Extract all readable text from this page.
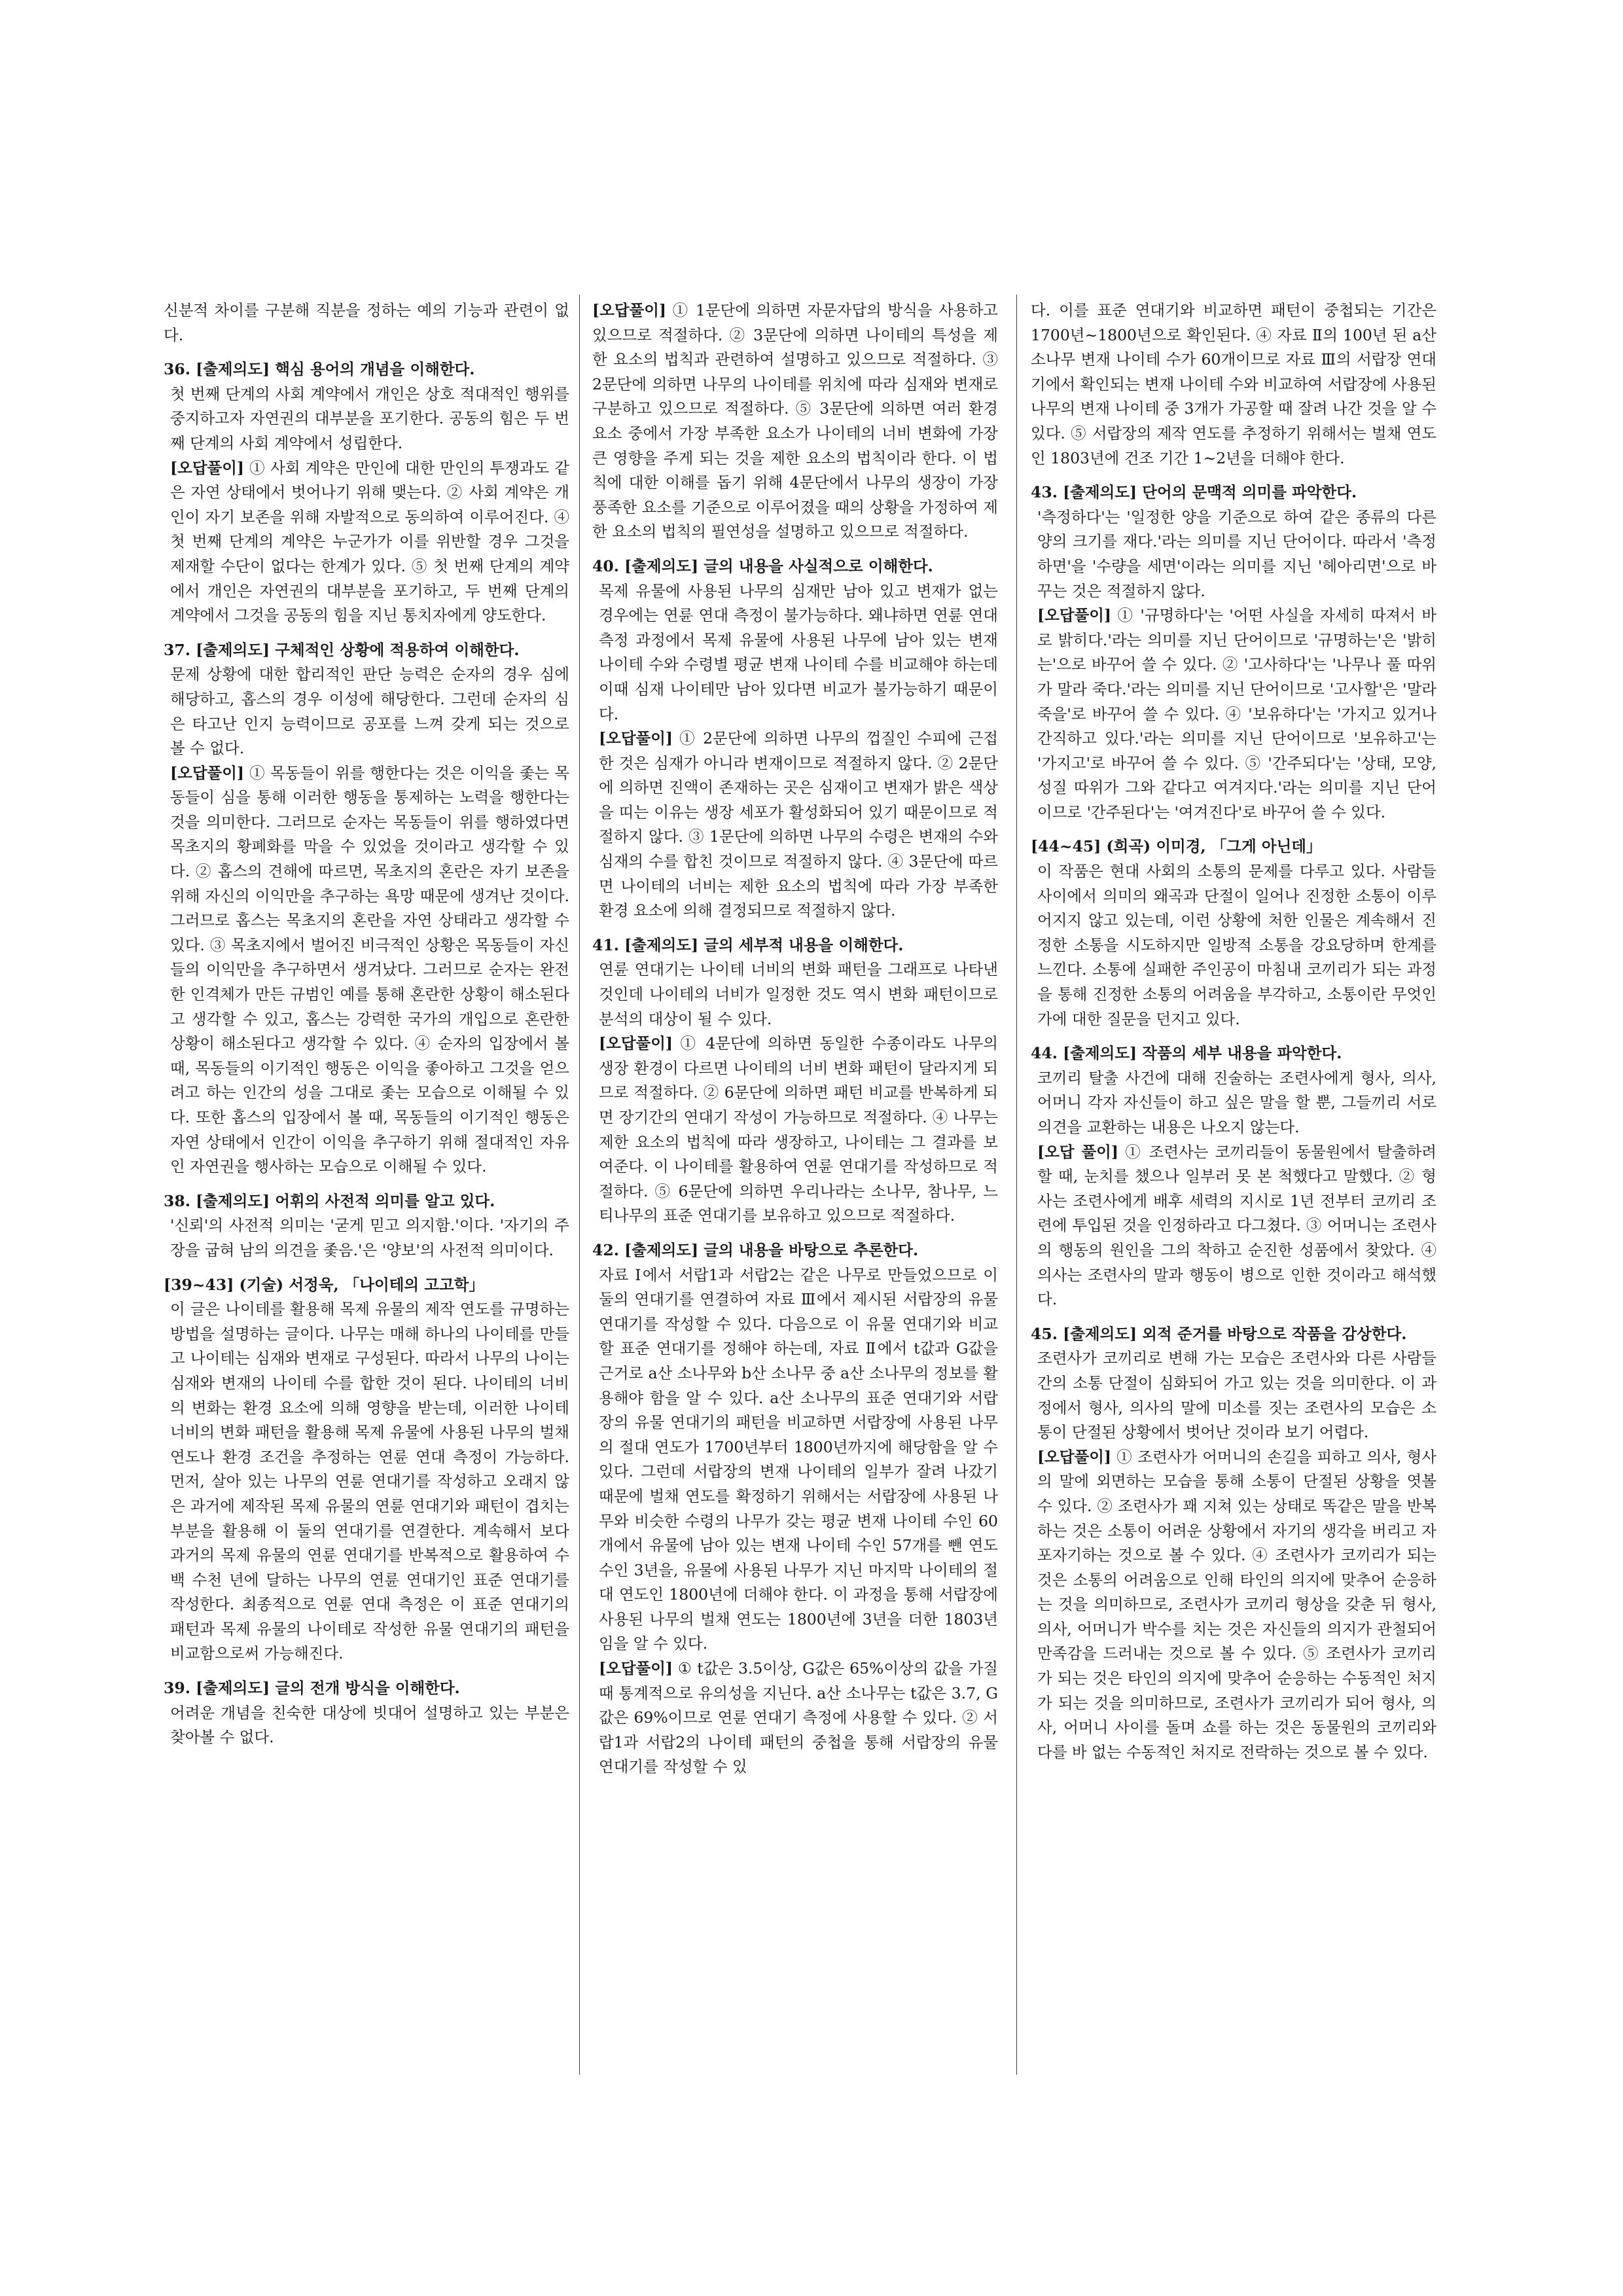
신분적 차이를 구분해 직분을 정하는 예의 기능과 관련이 없다.

36. [출제의도] 핵심 용어의 개념을 이해한다.

첫 번째 단계의 사회 계약에서 개인은 상호 적대적인 행위를 중지하고자 자연권의 대부분을 포기한다. 공동의 힘은 두 번째 단계의 사회 계약에서 성립한다.

[오답풀이] ① 사회 계약은 만인에 대한 만인의 투쟁과도 같은 자연 상태에서 벗어나기 위해 맺는다. ② 사회 계약은 개인이 자기 보존을 위해 자발적으로 동의하여 이루어진다. ④ 첫 번째 단계의 계약은 누군가가 이를 위반할 경우 그것을 제재할 수단이 없다는 한계가 있다. ⑤ 첫 번째 단계의 계약에서 개인은 자연권의 대부분을 포기하고, 두 번째 단계의 계약에서 그것을 공동의 힘을 지닌 통치자에게 양도한다.

37. [출제의도] 구체적인 상황에 적용하여 이해한다.

문제 상황에 대한 합리적인 판단 능력은 순자의 경우 심에 해당하고, 홉스의 경우 이성에 해당한다. 그런데 순자의 심은 타고난 인지 능력이므로 공포를 느껴 갖게 되는 것으로 볼 수 없다.

[오답풀이] ① 목동들이 위를 행한다는 것은 이익을 좇는 목동들이 심을 통해 이러한 행동을 통제하는 노력을 행한다는 것을 의미한다. 그러므로 순자는 목동들이 위를 행하였다면 목초지의 황폐화를 막을 수 있었을 것이라고 생각할 수 있다. ② 홉스의 견해에 따르면, 목초지의 혼란은 자기 보존을 위해 자신의 이익만을 추구하는 욕망 때문에 생겨난 것이다. 그러므로 홉스는 목초지의 혼란을 자연 상태라고 생각할 수 있다. ③ 목초지에서 벌어진 비극적인 상황은 목동들이 자신들의 이익만을 추구하면서 생겨났다. 그러므로 순자는 완전한 인격체가 만든 규범인 예를 통해 혼란한 상황이 해소된다고 생각할 수 있고, 홉스는 강력한 국가의 개입으로 혼란한 상황이 해소된다고 생각할 수 있다. ④ 순자의 입장에서 볼 때, 목동들의 이기적인 행동은 이익을 좋아하고 그것을 얻으려고 하는 인간의 성을 그대로 좇는 모습으로 이해될 수 있다. 또한 홉스의 입장에서 볼 때, 목동들의 이기적인 행동은 자연 상태에서 인간이 이익을 추구하기 위해 절대적인 자유인 자연권을 행사하는 모습으로 이해될 수 있다.

38. [출제의도] 어휘의 사전적 의미를 알고 있다.

'신뢰'의 사전적 의미는 '굳게 믿고 의지함.'이다. '자기의 주장을 굽혀 남의 의견을 좇음.'은 '양보'의 사전적 의미이다.

[39~43] (기술) 서정욱, 「나이테의 고고학」

이 글은 나이테를 활용해 목제 유물의 제작 연도를 규명하는 방법을 설명하는 글이다. 나무는 매해 하나의 나이테를 만들고 나이테는 심재와 변재로 구성된다. 따라서 나무의 나이는 심재와 변재의 나이테 수를 합한 것이 된다. 나이테의 너비의 변화는 환경 요소에 의해 영향을 받는데, 이러한 나이테 너비의 변화 패턴을 활용해 목제 유물에 사용된 나무의 벌채 연도나 환경 조건을 추정하는 연륜 연대 측정이 가능하다. 먼저, 살아 있는 나무의 연륜 연대기를 작성하고 오래지 않은 과거에 제작된 목제 유물의 연륜 연대기와 패턴이 겹치는 부분을 활용해 이 둘의 연대기를 연결한다. 계속해서 보다 과거의 목제 유물의 연륜 연대기를 반복적으로 활용하여 수백 수천 년에 달하는 나무의 연륜 연대기인 표준 연대기를 작성한다. 최종적으로 연륜 연대 측정은 이 표준 연대기의 패턴과 목제 유물의 나이테로 작성한 유물 연대기의 패턴을 비교함으로써 가능해진다.

39. [출제의도] 글의 전개 방식을 이해한다.

어려운 개념을 친숙한 대상에 빗대어 설명하고 있는 부분은 찾아볼 수 없다.

[오답풀이] ① 1문단에 의하면 자문자답의 방식을 사용하고 있으므로 적절하다. ② 3문단에 의하면 나이테의 특성을 제한 요소의 법칙과 관련하여 설명하고 있으므로 적절하다. ③ 2문단에 의하면 나무의 나이테를 위치에 따라 심재와 변재로 구분하고 있으므로 적절하다. ⑤ 3문단에 의하면 여러 환경 요소 중에서 가장 부족한 요소가 나이테의 너비 변화에 가장 큰 영향을 주게 되는 것을 제한 요소의 법칙이라 한다. 이 법칙에 대한 이해를 돕기 위해 4문단에서 나무의 생장이 가장 풍족한 요소를 기준으로 이루어졌을 때의 상황을 가정하여 제한 요소의 법칙의 필연성을 설명하고 있으므로 적절하다.

40. [출제의도] 글의 내용을 사실적으로 이해한다.

목제 유물에 사용된 나무의 심재만 남아 있고 변재가 없는 경우에는 연륜 연대 측정이 불가능하다. 왜냐하면 연륜 연대 측정 과정에서 목제 유물에 사용된 나무에 남아 있는 변재 나이테 수와 수령별 평균 변재 나이테 수를 비교해야 하는데 이때 심재 나이테만 남아 있다면 비교가 불가능하기 때문이다.

[오답풀이] ① 2문단에 의하면 나무의 껍질인 수피에 근접한 것은 심재가 아니라 변재이므로 적절하지 않다. ② 2문단에 의하면 진액이 존재하는 곳은 심재이고 변재가 밝은 색상을 띠는 이유는 생장 세포가 활성화되어 있기 때문이므로 적절하지 않다. ③ 1문단에 의하면 나무의 수령은 변재의 수와 심재의 수를 합친 것이므로 적절하지 않다. ④ 3문단에 따르면 나이테의 너비는 제한 요소의 법칙에 따라 가장 부족한 환경 요소에 의해 결정되므로 적절하지 않다.

41. [출제의도] 글의 세부적 내용을 이해한다.

연륜 연대기는 나이테 너비의 변화 패턴을 그래프로 나타낸 것인데 나이테의 너비가 일정한 것도 역시 변화 패턴이므로 분석의 대상이 될 수 있다.

[오답풀이] ① 4문단에 의하면 동일한 수종이라도 나무의 생장 환경이 다르면 나이테의 너비 변화 패턴이 달라지게 되므로 적절하다. ② 6문단에 의하면 패턴 비교를 반복하게 되면 장기간의 연대기 작성이 가능하므로 적절하다. ④ 나무는 제한 요소의 법칙에 따라 생장하고, 나이테는 그 결과를 보여준다. 이 나이테를 활용하여 연륜 연대기를 작성하므로 적절하다. ⑤ 6문단에 의하면 우리나라는 소나무, 참나무, 느티나무의 표준 연대기를 보유하고 있으므로 적절하다.

42. [출제의도] 글의 내용을 바탕으로 추론한다.

자료 Ⅰ에서 서랍1과 서랍2는 같은 나무로 만들었으므로 이 둘의 연대기를 연결하여 자료 Ⅲ에서 제시된 서랍장의 유물 연대기를 작성할 수 있다. 다음으로 이 유물 연대기와 비교할 표준 연대기를 정해야 하는데, 자료 Ⅱ에서 t값과 G값을 근거로 a산 소나무와 b산 소나무 중 a산 소나무의 정보를 활용해야 함을 알 수 있다. a산 소나무의 표준 연대기와 서랍장의 유물 연대기의 패턴을 비교하면 서랍장에 사용된 나무의 절대 연도가 1700년부터 1800년까지에 해당함을 알 수 있다. 그런데 서랍장의 변재 나이테의 일부가 잘려 나갔기 때문에 벌채 연도를 확정하기 위해서는 서랍장에 사용된 나무와 비슷한 수령의 나무가 갖는 평균 변재 나이테 수인 60개에서 유물에 남아 있는 변재 나이테 수인 57개를 뺀 연도 수인 3년을, 유물에 사용된 나무가 지닌 마지막 나이테의 절대 연도인 1800년에 더해야 한다. 이 과정을 통해 서랍장에 사용된 나무의 벌채 연도는 1800년에 3년을 더한 1803년임을 알 수 있다.

[오답풀이] ① t값은 3.5이상, G값은 65%이상의 값을 가질 때 통계적으로 유의성을 지닌다. a산 소나무는 t값은 3.7, G값은 69%이므로 연륜 연대기 측정에 사용할 수 있다. ② 서랍1과 서랍2의 나이테 패턴의 중첩을 통해 서랍장의 유물 연대기를 작성할 수 있

다. 이를 표준 연대기와 비교하면 패턴이 중첩되는 기간은 1700년~1800년으로 확인된다. ④ 자료 Ⅱ의 100년 된 a산 소나무 변재 나이테 수가 60개이므로 자료 Ⅲ의 서랍장 연대기에서 확인되는 변재 나이테 수와 비교하여 서랍장에 사용된 나무의 변재 나이테 중 3개가 가공할 때 잘려 나간 것을 알 수 있다. ⑤ 서랍장의 제작 연도를 추정하기 위해서는 벌채 연도인 1803년에 건조 기간 1~2년을 더해야 한다.

43. [출제의도] 단어의 문맥적 의미를 파악한다.

'측정하다'는 '일정한 양을 기준으로 하여 같은 종류의 다른 양의 크기를 재다.'라는 의미를 지닌 단어이다. 따라서 '측정하면'을 '수량을 세면'이라는 의미를 지닌 '헤아리면'으로 바꾸는 것은 적절하지 않다.

[오답풀이] ① '규명하다'는 '어떤 사실을 자세히 따져서 바로 밝히다.'라는 의미를 지닌 단어이므로 '규명하는'은 '밝히는'으로 바꾸어 쓸 수 있다. ② '고사하다'는 '나무나 풀 따위가 말라 죽다.'라는 의미를 지닌 단어이므로 '고사할'은 '말라 죽을'로 바꾸어 쓸 수 있다. ④ '보유하다'는 '가지고 있거나 간직하고 있다.'라는 의미를 지닌 단어이므로 '보유하고'는 '가지고'로 바꾸어 쓸 수 있다. ⑤ '간주되다'는 '상태, 모양, 성질 따위가 그와 같다고 여겨지다.'라는 의미를 지닌 단어이므로 '간주된다'는 '여겨진다'로 바꾸어 쓸 수 있다.

[44~45] (희곡) 이미경, 「그게 아닌데」

이 작품은 현대 사회의 소통의 문제를 다루고 있다. 사람들 사이에서 의미의 왜곡과 단절이 일어나 진정한 소통이 이루어지지 않고 있는데, 이런 상황에 처한 인물은 계속해서 진정한 소통을 시도하지만 일방적 소통을 강요당하며 한계를 느낀다. 소통에 실패한 주인공이 마침내 코끼리가 되는 과정을 통해 진정한 소통의 어려움을 부각하고, 소통이란 무엇인가에 대한 질문을 던지고 있다.

44. [출제의도] 작품의 세부 내용을 파악한다.

코끼리 탈출 사건에 대해 진술하는 조련사에게 형사, 의사, 어머니 각자 자신들이 하고 싶은 말을 할 뿐, 그들끼리 서로 의견을 교환하는 내용은 나오지 않는다.

[오답 풀이] ① 조련사는 코끼리들이 동물원에서 탈출하려 할 때, 눈치를 챘으나 일부러 못 본 척했다고 말했다. ② 형사는 조련사에게 배후 세력의 지시로 1년 전부터 코끼리 조련에 투입된 것을 인정하라고 다그쳤다. ③ 어머니는 조련사의 행동의 원인을 그의 착하고 순진한 성품에서 찾았다. ④ 의사는 조련사의 말과 행동이 병으로 인한 것이라고 해석했다.

45. [출제의도] 외적 준거를 바탕으로 작품을 감상한다.

조련사가 코끼리로 변해 가는 모습은 조련사와 다른 사람들 간의 소통 단절이 심화되어 가고 있는 것을 의미한다. 이 과정에서 형사, 의사의 말에 미소를 짓는 조련사의 모습은 소통이 단절된 상황에서 벗어난 것이라 보기 어렵다.

[오답풀이] ① 조련사가 어머니의 손길을 피하고 의사, 형사의 말에 외면하는 모습을 통해 소통이 단절된 상황을 엿볼 수 있다. ② 조련사가 꽤 지쳐 있는 상태로 똑같은 말을 반복하는 것은 소통이 어려운 상황에서 자기의 생각을 버리고 자포자기하는 것으로 볼 수 있다. ④ 조련사가 코끼리가 되는 것은 소통의 어려움으로 인해 타인의 의지에 맞추어 순응하는 것을 의미하므로, 조련사가 코끼리 형상을 갖춘 뒤 형사, 의사, 어머니가 박수를 치는 것은 자신들의 의지가 관철되어 만족감을 드러내는 것으로 볼 수 있다. ⑤ 조련사가 코끼리가 되는 것은 타인의 의지에 맞추어 순응하는 수동적인 처지가 되는 것을 의미하므로, 조련사가 코끼리가 되어 형사, 의사, 어머니 사이를 돌며 쇼를 하는 것은 동물원의 코끼리와 다를 바 없는 수동적인 처지로 전락하는 것으로 볼 수 있다.
